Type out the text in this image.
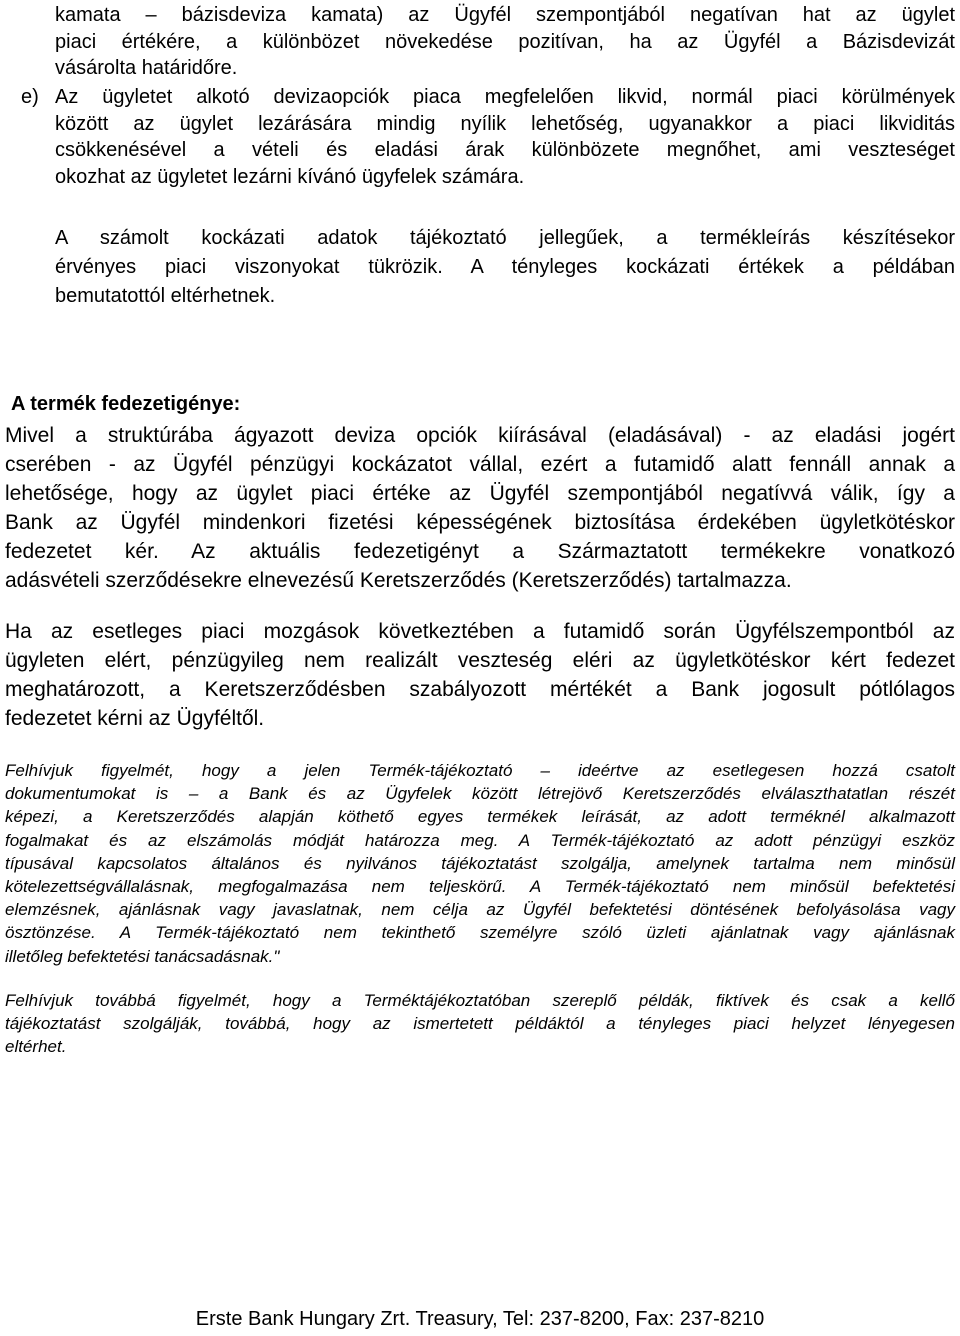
kamata – bázisdeviza kamata) az Ügyfél szempontjából negatívan hat az ügylet
piaci értékére, a különbözet növekedése pozitívan, ha az Ügyfél a Bázisdevizát
vásárolta határidőre.
e) Az ügyletet alkotó devizaopciók piaca megfelelően likvid, normál piaci körülmények
között az ügylet lezárására mindig nyílik lehetőség, ugyanakkor a piaci likviditás
csökkenésével a vételi és eladási árak különbözete megnőhet, ami veszteséget
okozhat az ügyletet lezárni kívánó ügyfelek számára.
A számolt kockázati adatok tájékoztató jellegűek, a termékleírás készítésekor
érvényes piaci viszonyokat tükrözik. A tényleges kockázati értékek a példában
bemutatottól eltérhetnek.
A termék fedezetigénye:
Mivel a struktúrába ágyazott deviza opciók kiírásával (eladásával) - az eladási jogért
cserében - az Ügyfél pénzügyi kockázatot vállal, ezért a futamidő alatt fennáll annak a
lehetősége, hogy az ügylet piaci értéke az Ügyfél szempontjából negatívvá válik, így a
Bank az Ügyfél mindenkori fizetési képességének biztosítása érdekében ügyletkötéskor
fedezetet kér. Az aktuális fedezetigényt a Származtatott termékekre vonatkozó
adásvételi szerződésekre elnevezésű Keretszerződés (Keretszerződés) tartalmazza.
Ha az esetleges piaci mozgások következtében a futamidő során Ügyfélszempontból az
ügyleten elért, pénzügyileg nem realizált veszteség eléri az ügyletkötéskor kért fedezet
meghatározott, a Keretszerződésben szabályozott mértékét a Bank jogosult pótlólagos
fedezetet kérni az Ügyféltől.
Felhívjuk figyelmét, hogy a jelen Termék-tájékoztató – ideértve az esetlegesen hozzá csatolt
dokumentumokat is – a Bank és az Ügyfelek között létrejövő Keretszerződés elválaszthatatlan részét
képezi, a Keretszerződés alapján köthető egyes termékek leírását, az adott terméknél alkalmazott
fogalmakat és az elszámolás módját határozza meg. A Termék-tájékoztató az adott pénzügyi eszköz
típusával kapcsolatos általános és nyilvános tájékoztatást szolgálja, amelynek tartalma nem minősül
kötelezettségvállalásnak, megfogalmazása nem teljeskörű. A Termék-tájékoztató nem minősül befektetési
elemzésnek, ajánlásnak vagy javaslatnak, nem célja az Ügyfél befektetési döntésének befolyásolása vagy
ösztönzése. A Termék-tájékoztató nem tekinthető személyre szóló üzleti ajánlatnak vagy ajánlásnak
illetőleg befektetési tanácsadásnak."
Felhívjuk továbbá figyelmét, hogy a Terméktájékoztatóban szereplő példák, fiktívek és csak a kellő
tájékoztatást szolgálják, továbbá, hogy az ismertetett példáktól a tényleges piaci helyzet lényegesen
eltérhet.
Erste Bank Hungary Zrt. Treasury, Tel: 237-8200, Fax: 237-8210
